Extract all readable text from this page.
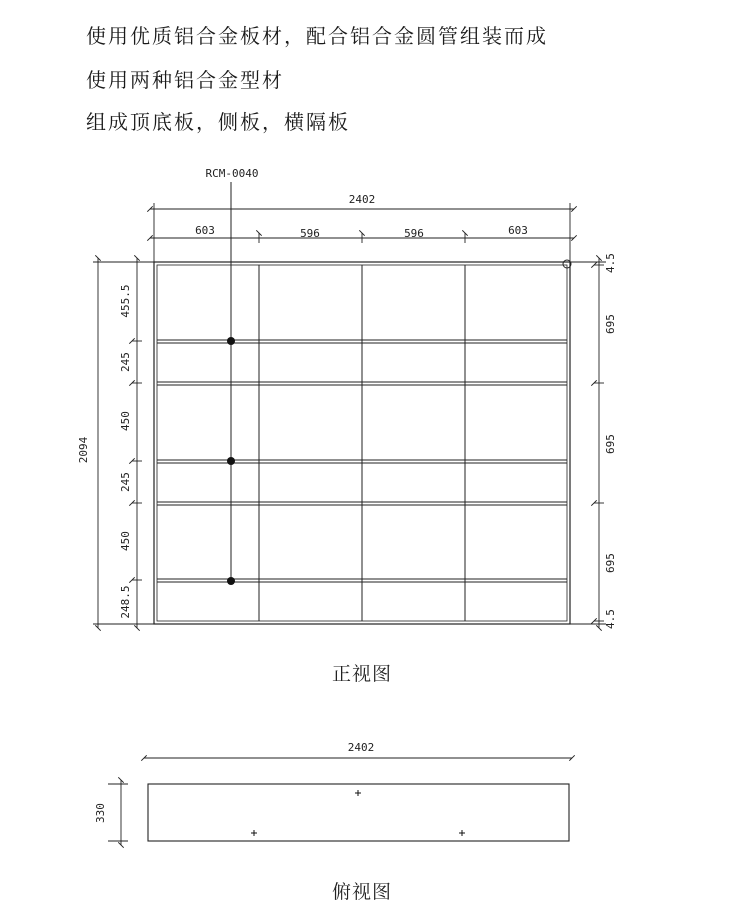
使用优质铝合金板材，配合铝合金圆管组装而成
使用两种铝合金型材
组成顶底板，侧板，横隔板
RCM-0040
2402
603	596	596	603
2094
455.5
245
450
245
450
248.5
4.5
695
695
695
4.5
正视图
2402
330
俯视图
